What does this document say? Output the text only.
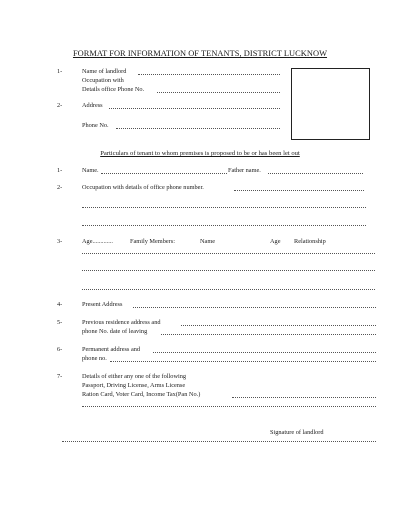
FORMAT FOR INFORMATION OF TENANTS, DISTRICT LUCKNOW
1-	Name of landlord
Occupation with
Details office Phone No.
2-	Address
Phone No.
Particulars of tenant to whom premises is proposed to be or has been let out
1-	Name.	Father name.
2-	Occupation with details of office phone number.
3-	Age.............	Family Members:	Name	Age Relationship
4-	Present Address
5-	Previous residence address and
phone No. date of leaving
6-	Permanent address and
phone no.
7-	Details of either any one of the following
Passport, Driving License, Arms License
Ration Card, Voter Card, Income Tax(Pan No.)
Signature of landlord
